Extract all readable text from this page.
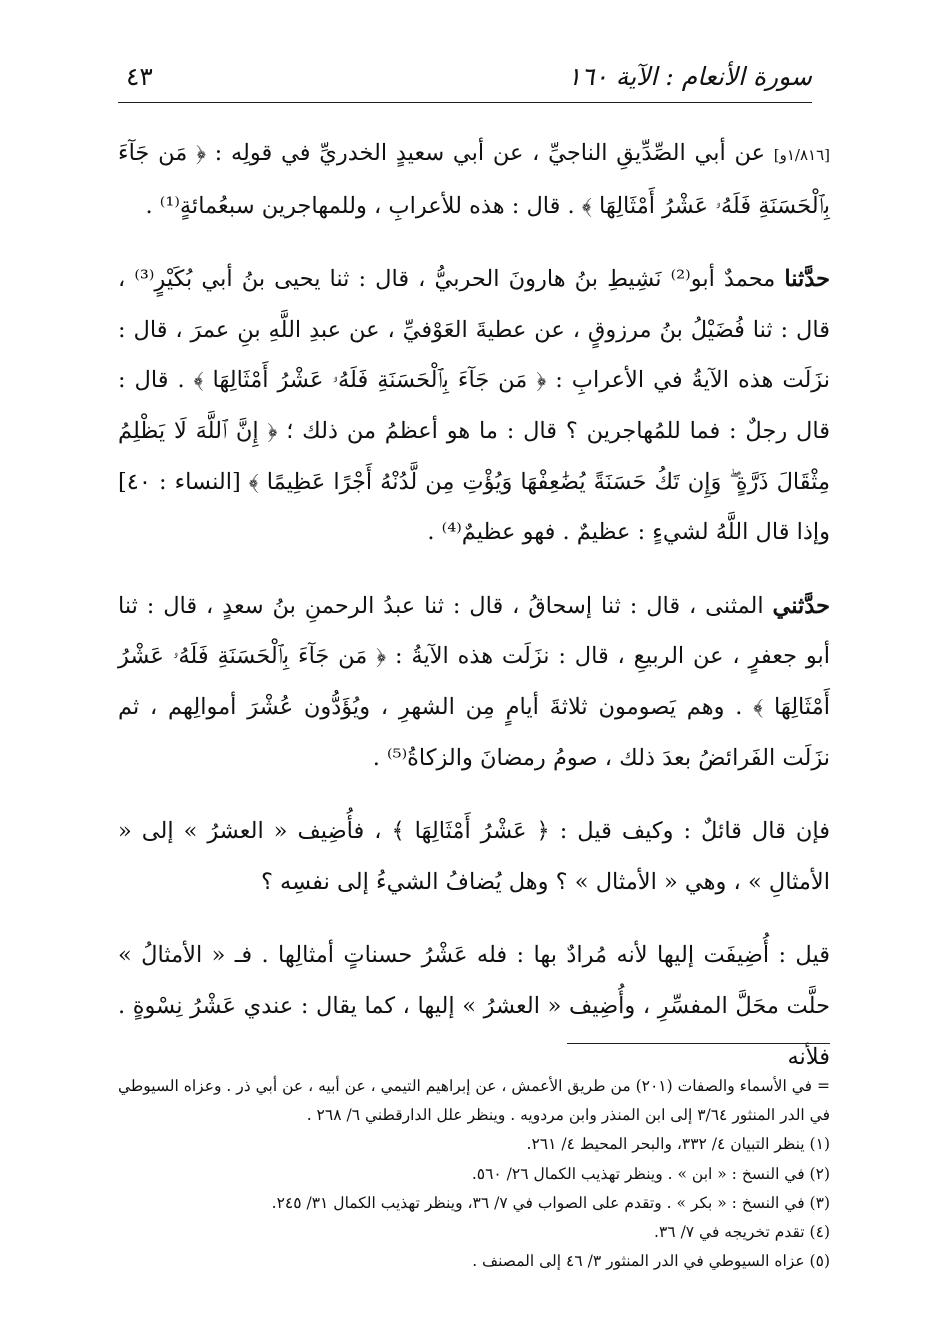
سورة الأنعام : الآية ١٦٠
٤٣

[١/٨١٦و] عن أبي الصِّدِّيقِ الناجيِّ ، عن أبي سعيدٍ الخدريِّ في قولِه : ﴿ مَن جَآءَ بِٱلْحَسَنَةِ فَلَهُۥ عَشْرُ أَمْثَالِهَا ﴾ . قال : هذه للأعرابِ ، وللمهاجرين سبعُمائةٍ⁽¹⁾ .

حدَّثنا محمدٌ أبو⁽²⁾ نَشِيطِ بنُ هارونَ الحربيُّ ، قال : ثنا يحيى بنُ أبي بُكَيْرٍ⁽³⁾ ، قال : ثنا فُضَيْلُ بنُ مرزوقٍ ، عن عطيةَ العَوْفيِّ ، عن عبدِ اللَّهِ بنِ عمرَ ، قال : نزَلَت هذه الآيةُ في الأعرابِ : ﴿ مَن جَآءَ بِٱلْحَسَنَةِ فَلَهُۥ عَشْرُ أَمْثَالِهَا ﴾ . قال : قال رجلٌ : فما للمُهاجرين ؟ قال : ما هو أعظمُ من ذلك ؛ ﴿ إِنَّ ٱللَّهَ لَا يَظْلِمُ مِثْقَالَ ذَرَّةٍ ۖ وَإِن تَكُ حَسَنَةً يُضَٰعِفْهَا وَيُؤْتِ مِن لَّدُنْهُ أَجْرًا عَظِيمًا ﴾ [النساء : ٤٠] وإذا قال اللَّهُ لشيءٍ : عظيمٌ . فهو عظيمٌ⁽⁴⁾ .

حدَّثني المثنى ، قال : ثنا إسحاقُ ، قال : ثنا عبدُ الرحمنِ بنُ سعدٍ ، قال : ثنا أبو جعفرٍ ، عن الربيعِ ، قال : نزَلَت هذه الآيةُ : ﴿ مَن جَآءَ بِٱلْحَسَنَةِ فَلَهُۥ عَشْرُ أَمْثَالِهَا ﴾ . وهم يَصومون ثلاثةَ أيامٍ مِن الشهرِ ، ويُؤَدُّون عُشْرَ أموالِهم ، ثم نزَلَت الفَرائضُ بعدَ ذلك ، صومُ رمضانَ والزكاةُ⁽⁵⁾ .

فإن قال قائلٌ : وكيف قيل : ﴿ عَشْرُ أَمْثَالِهَا ﴾ ، فأُضِيف « العشرُ » إلى « الأمثالِ » ، وهي « الأمثال » ؟ وهل يُضافُ الشيءُ إلى نفسِه ؟

قيل : أُضِيفَت إليها لأنه مُرادٌ بها : فله عَشْرُ حسناتٍ أمثالِها . فـ « الأمثالُ » حلَّت محَلَّ المفسِّرِ ، وأُضِيف « العشرُ » إليها ، كما يقال : عندي عَشْرُ نِسْوةٍ . فلأنه

= في الأسماء والصفات (٢٠١) من طريق الأعمش ، عن إبراهيم التيمي ، عن أبيه ، عن أبي ذر . وعزاه السيوطي في الدر المنثور ٣/٦٤ إلى ابن المنذر وابن مردويه . وينظر علل الدارقطني ٦/ ٢٦٨ .
(١) ينظر التبيان ٤/ ٣٣٢، والبحر المحيط ٤/ ٢٦١.
(٢) في النسخ : « ابن » . وينظر تهذيب الكمال ٢٦/ ٥٦٠.
(٣) في النسخ : « بكر » . وتقدم على الصواب في ٧/ ٣٦، وينظر تهذيب الكمال ٣١/ ٢٤٥.
(٤) تقدم تخريجه في ٧/ ٣٦.
(٥) عزاه السيوطي في الدر المنثور ٣/ ٤٦ إلى المصنف .
